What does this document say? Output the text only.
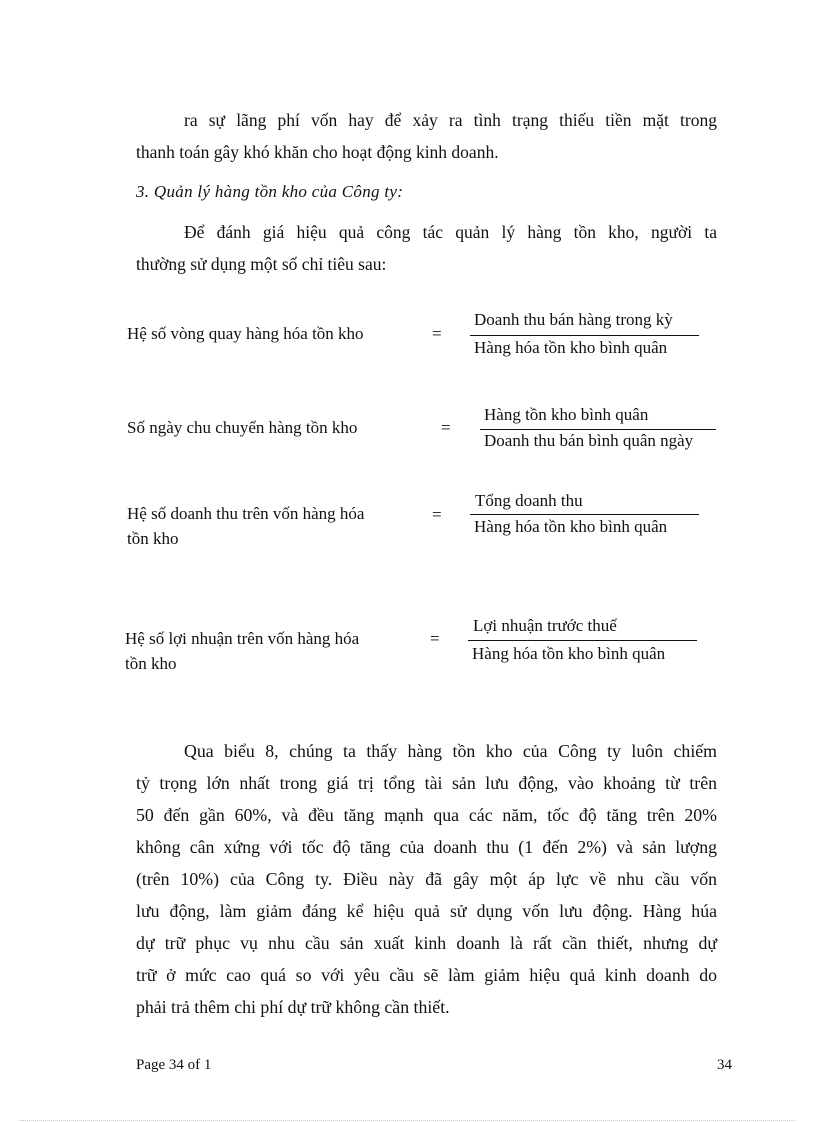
ra sự lãng phí vốn hay để xảy ra tình trạng thiếu tiền mặt trong
thanh toán gây khó khăn cho hoạt động kinh doanh.
3. Quản lý hàng tồn kho của Công ty:
Để đánh giá hiệu quả công tác quản lý hàng tồn kho, người ta
thường sử dụng một số chỉ tiêu sau:
Hệ số vòng quay hàng hóa tồn kho	=
Doanh thu bán hàng trong kỳ
Hàng hóa tồn kho bình quân
Số ngày chu chuyển hàng tồn kho	=
Hàng tồn kho bình quân
Doanh thu bán bình quân ngày
Hệ số doanh thu trên vốn hàng hóa
tồn kho
=
Tổng doanh thu
Hàng hóa tồn kho bình quân
Hệ số lợi nhuận trên vốn hàng hóa
tồn kho
=
Lợi nhuận trước thuế
Hàng hóa tồn kho bình quân
Qua biểu 8, chúng ta thấy hàng tồn kho của Công ty luôn chiếm
tỷ trọng lớn nhất trong giá trị tổng tài sản lưu động, vào khoảng từ trên
50 đến gần 60%, và đều tăng mạnh qua các năm, tốc độ tăng trên 20%
không cân xứng với tốc độ tăng của doanh thu (1 đến 2%) và sản lượng
(trên 10%) của Công ty. Điều này đã gây một áp lực về nhu cầu vốn
lưu động, làm giảm đáng kể hiệu quả sử dụng vốn lưu động. Hàng húa
dự trữ phục vụ nhu cầu sản xuất kinh doanh là rất cần thiết, nhưng dự
trữ ở mức cao quá so với yêu cầu sẽ làm giảm hiệu quả kinh doanh do
phải trả thêm chi phí dự trữ không cần thiết.
Page 34 of 1	34
